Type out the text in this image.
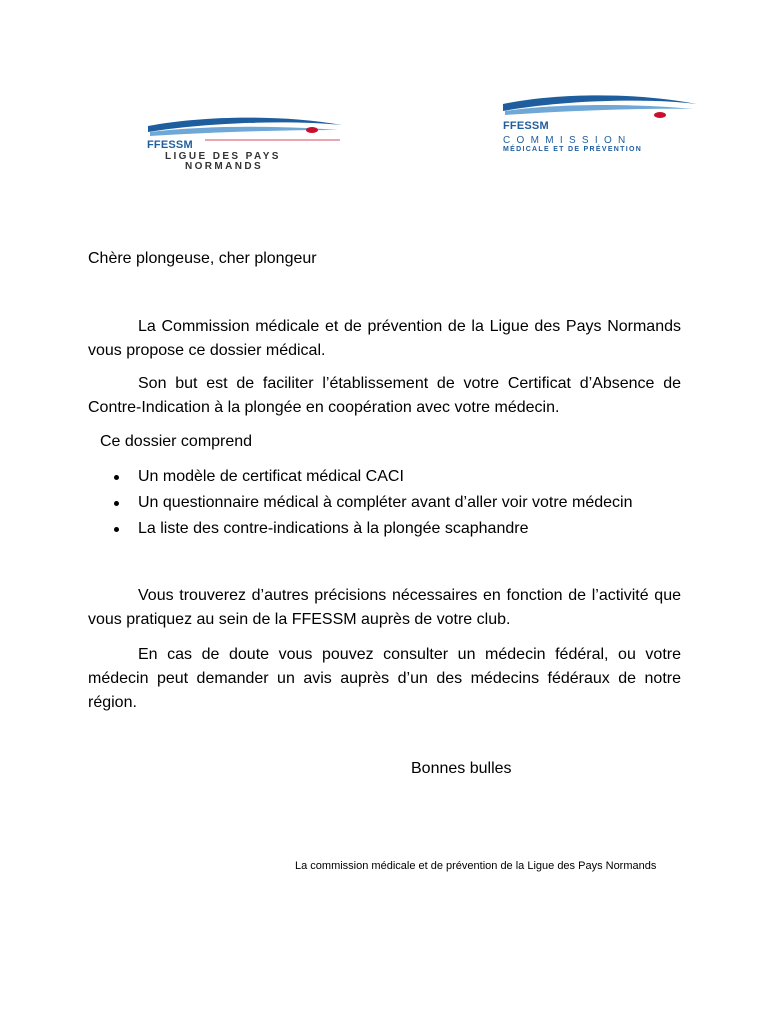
FFESSM
LIGUE DES PAYS
NORMANDS
FFESSM
COMMISSION
MÉDICALE ET DE PRÉVENTION
Chère plongeuse, cher plongeur

La Commission médicale et de prévention de la Ligue des Pays Normands vous propose ce dossier médical.

Son but est de faciliter l’établissement de votre Certificat d’Absence de Contre-Indication à la plongée en coopération avec votre médecin.

Ce dossier comprend
Un modèle de certificat médical CACI
Un questionnaire médical à compléter avant d’aller voir votre médecin
La liste des contre-indications à la plongée scaphandre

Vous trouverez d’autres précisions nécessaires en fonction de l’activité que vous pratiquez au sein de la FFESSM auprès de votre club.

En cas de doute vous pouvez consulter un médecin fédéral, ou votre médecin peut demander un avis auprès d’un des médecins fédéraux de notre région.

Bonnes bulles
La commission médicale et de prévention de la Ligue des Pays Normands
